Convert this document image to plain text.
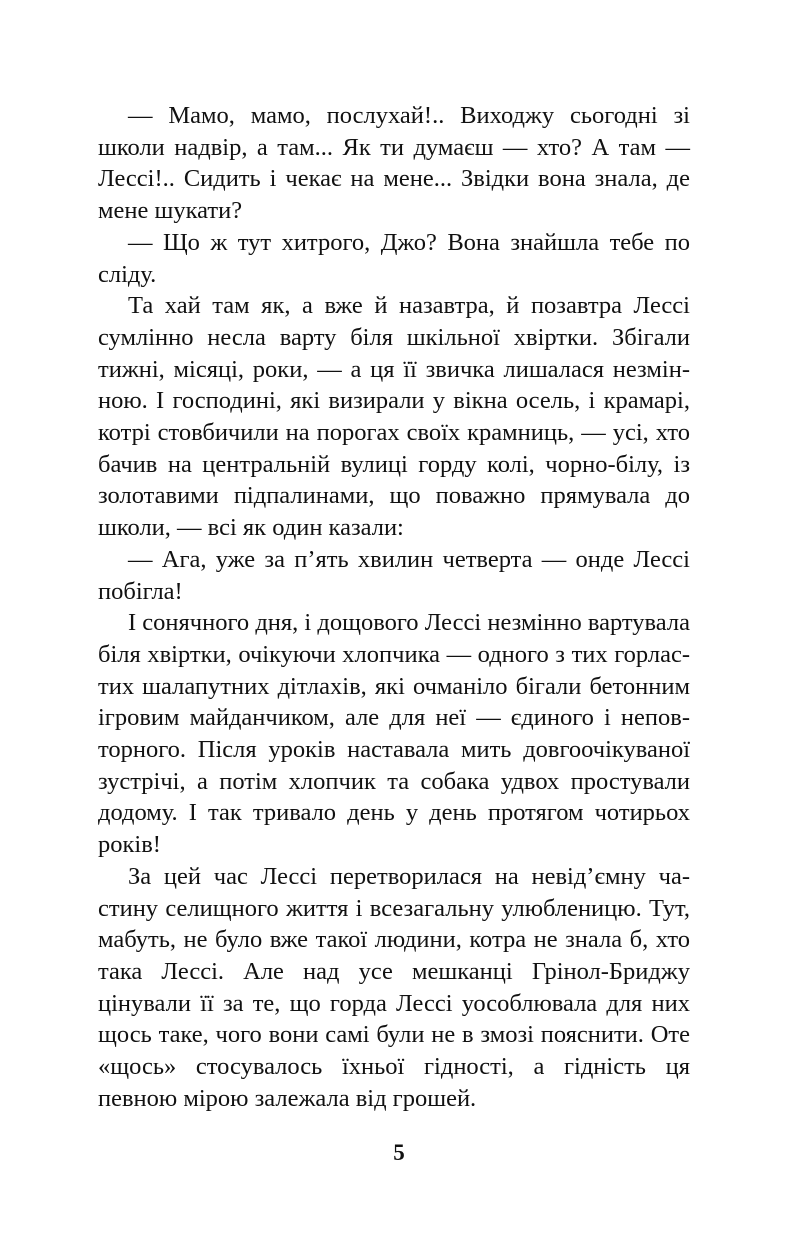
— Мамо, мамо, послухай!.. Виходжу сьогодні зі школи надвір, а там... Як ти думаєш — хто? А там — Лессі!.. Сидить і чекає на мене... Звідки вона знала, де мене шукати?

— Що ж тут хитрого, Джо? Вона знайшла тебе по сліду.

Та хай там як, а вже й назавтра, й позавтра Лессі сумлінно несла варту біля шкільної хвіртки. Збігали тижні, місяці, роки, — а ця її звичка лишалася незмінною. І господині, які визирали у вікна осель, і крамарі, котрі стовбичили на порогах своїх крамниць, — усі, хто бачив на центральній вулиці горду колі, чорно-білу, із золотавими підпалинами, що поважно прямувала до школи, — всі як один казали:

— Ага, уже за п’ять хвилин четверта — онде Лессі побігла!

І сонячного дня, і дощового Лессі незмінно вартувала біля хвіртки, очікуючи хлопчика — одного з тих горластих шалапутних дітлахів, які очманіло бігали бетонним ігровим майданчиком, але для неї — єдиного і неповторного. Після уроків наставала мить довгоочікуваної зустрічі, а потім хлопчик та собака удвох простували додому. І так тривало день у день протягом чотирьох років!

За цей час Лессі перетворилася на невід’ємну частину селищного життя і всезагальну улюбленицю. Тут, мабуть, не було вже такої людини, котра не знала б, хто така Лессі. Але над усе мешканці Грінол-Бриджу цінували її за те, що горда Лессі уособлювала для них щось таке, чого вони самі були не в змозі пояснити. Оте «щось» стосувалось їхньої гідності, а гідність ця певною мірою залежала від грошей.

5
